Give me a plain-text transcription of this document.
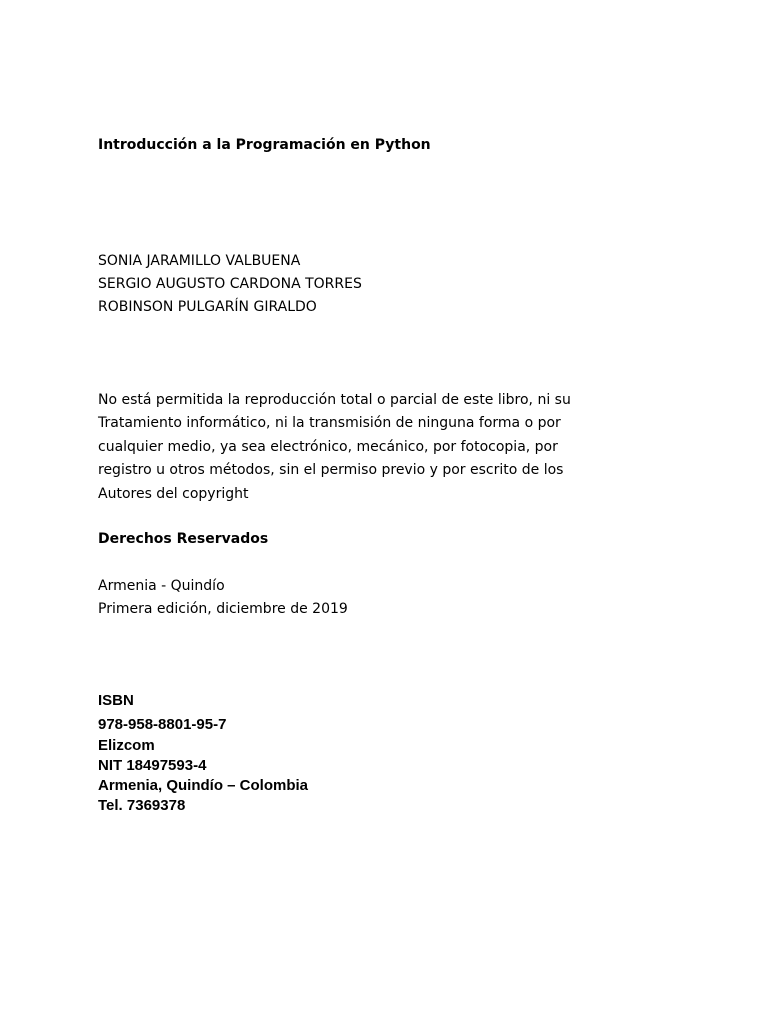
Introducción a la Programación en Python
SONIA JARAMILLO VALBUENA
SERGIO AUGUSTO CARDONA TORRES
ROBINSON PULGARÍN GIRALDO
No está permitida la reproducción total o parcial de este libro, ni su
Tratamiento informático, ni la transmisión de ninguna forma o por
cualquier medio, ya sea electrónico, mecánico, por fotocopia, por
registro u otros métodos, sin el permiso previo y por escrito de los
Autores del copyright
Derechos Reservados
Armenia - Quindío
Primera edición, diciembre de 2019
ISBN
978-958-8801-95-7
Elizcom
NIT 18497593-4
Armenia, Quindío – Colombia
Tel. 7369378
